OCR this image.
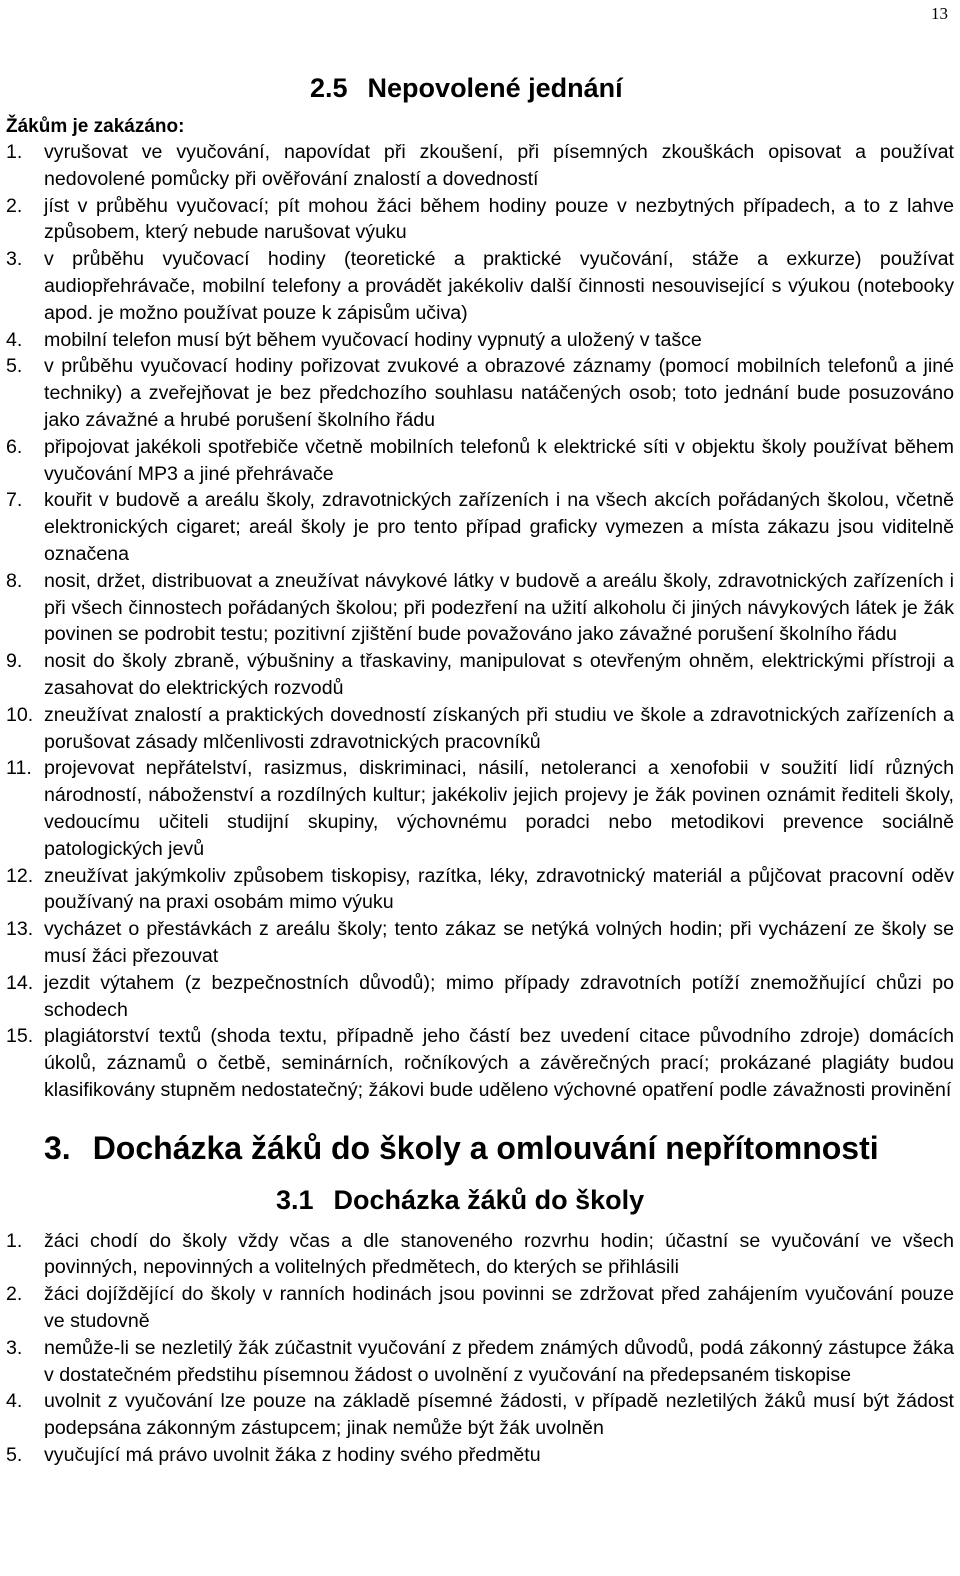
13
2.5 Nepovolené jednání
Žákům je zakázáno:
1. vyrušovat ve vyučování, napovídat při zkoušení, při písemných zkouškách opisovat a používat nedovolené pomůcky při ověřování znalostí a dovedností
2. jíst v průběhu vyučovací; pít mohou žáci během hodiny pouze v nezbytných případech, a to z lahve způsobem, který nebude narušovat výuku
3. v průběhu vyučovací hodiny (teoretické a praktické vyučování, stáže a exkurze) používat audiopřehrávače, mobilní telefony a provádět jakékoliv další činnosti nesouvisející s výukou (notebooky apod. je možno používat pouze k zápisům učiva)
4. mobilní telefon musí být během vyučovací hodiny vypnutý a uložený v tašce
5. v průběhu vyučovací hodiny pořizovat zvukové a obrazové záznamy (pomocí mobilních telefonů a jiné techniky) a zveřejňovat je bez předchozího souhlasu natáčených osob; toto jednání bude posuzováno jako závažné a hrubé porušení školního řádu
6. připojovat jakékoli spotřebiče včetně mobilních telefonů k elektrické síti v objektu školy používat během vyučování MP3 a jiné přehrávače
7. kouřit v budově a areálu školy, zdravotnických zařízeních i na všech akcích pořádaných školou, včetně elektronických cigaret; areál školy je pro tento případ graficky vymezen a místa zákazu jsou viditelně označena
8. nosit, držet, distribuovat a zneužívat návykové látky v budově a areálu školy, zdravotnických zařízeních i při všech činnostech pořádaných školou; při podezření na užití alkoholu či jiných návykových látek je žák povinen se podrobit testu; pozitivní zjištění bude považováno jako závažné porušení školního řádu
9. nosit do školy zbraně, výbušniny a třaskaviny, manipulovat s otevřeným ohněm, elektrickými přístroji a zasahovat do elektrických rozvodů
10. zneužívat znalostí a praktických dovedností získaných při studiu ve škole a zdravotnických zařízeních a porušovat zásady mlčenlivosti zdravotnických pracovníků
11. projevovat nepřátelství, rasizmus, diskriminaci, násilí, netoleranci a xenofobii v soužití lidí různých národností, náboženství a rozdílných kultur; jakékoliv jejich projevy je žák povinen oznámit řediteli školy, vedoucímu učiteli studijní skupiny, výchovnému poradci nebo metodikovi prevence sociálně patologických jevů
12. zneužívat jakýmkoliv způsobem tiskopisy, razítka, léky, zdravotnický materiál a půjčovat pracovní oděv používaný na praxi osobám mimo výuku
13. vycházet o přestávkách z areálu školy; tento zákaz se netýká volných hodin; při vycházení ze školy se musí žáci přezouvat
14. jezdit výtahem (z bezpečnostních důvodů); mimo případy zdravotních potíží znemožňující chůzi po schodech
15. plagiátorství textů (shoda textu, případně jeho částí bez uvedení citace původního zdroje) domácích úkolů, záznamů o četbě, seminárních, ročníkových a závěrečných prací; prokázané plagiáty budou klasifikovány stupněm nedostatečný; žákovi bude uděleno výchovné opatření podle závažnosti provinění
3. Docházka žáků do školy a omlouvání nepřítomnosti
3.1 Docházka žáků do školy
1. žáci chodí do školy vždy včas a dle stanoveného rozvrhu hodin; účastní se vyučování ve všech povinných, nepovinných a volitelných předmětech, do kterých se přihlásili
2. žáci dojíždějící do školy v ranních hodinách jsou povinni se zdržovat před zahájením vyučování pouze ve studovně
3. nemůže-li se nezletilý žák zúčastnit vyučování z předem známých důvodů, podá zákonný zástupce žáka v dostatečném předstihu písemnou žádost o uvolnění z vyučování na předepsaném tiskopise
4. uvolnit z vyučování lze pouze na základě písemné žádosti, v případě nezletilých žáků musí být žádost podepsána zákonným zástupcem; jinak nemůže být žák uvolněn
5. vyučující má právo uvolnit žáka z hodiny svého předmětu
